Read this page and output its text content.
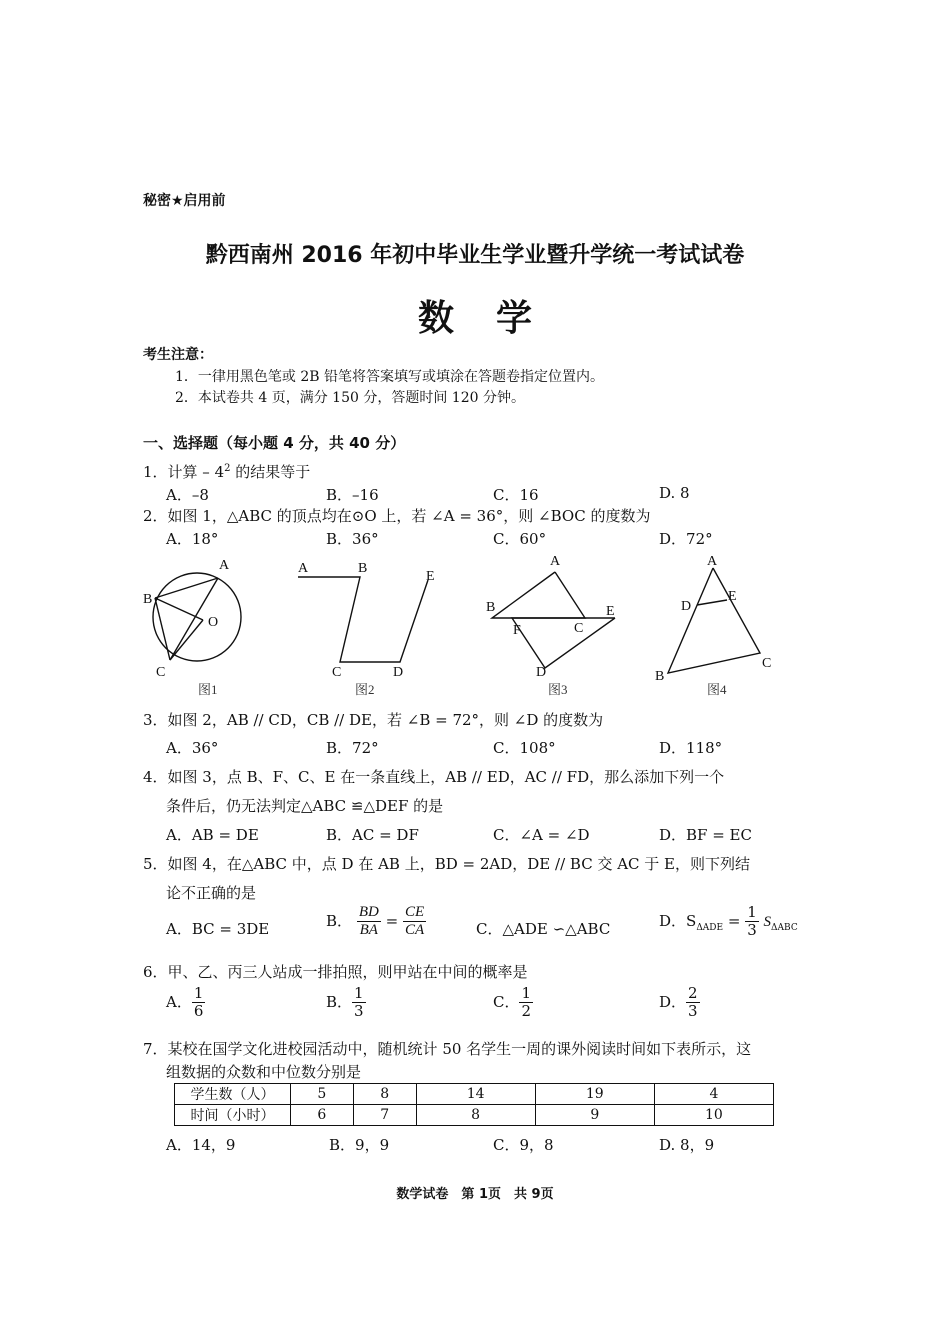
秘密★启用前
黔西南州 2016 年初中毕业生学业暨升学统一考试试卷
数学
考生注意：
1．一律用黑色笔或 2B 铅笔将答案填写或填涂在答题卷指定位置内。
2．本试卷共 4 页，满分 150 分，答题时间 120 分钟。
一、选择题（每小题 4 分，共 40 分）
1．计算 – $4^2$ 的结果等于
A．–8	B．–16	C．16	D. 8
2．如图 1，△ABC 的顶点均在⊙O 上，若 ∠A = 36°，则 ∠BOC 的度数为
A．18°	B．36°	C．60°	D．72°
A
B
C
O
A	B
C	D
E
A
B
C
D
E
F
A
B
C
D
E
图1	图2	图3	图4
3．如图 2，AB // CD，CB // DE，若 ∠B = 72°，则 ∠D 的度数为
A．36°	B．72°	C．108°	D．118°
4．如图 3，点 B、F、C、E 在一条直线上，AB // ED，AC // FD，那么添加下列一个
条件后，仍无法判定△ABC ≌△DEF 的是
A．AB = DE	B．AC = DF	C．∠A = ∠D	D．BF = EC
5．如图 4，在△ABC 中，点 D 在 AB 上，BD = 2AD，DE // BC 交 AC 于 E，则下列结
论不正确的是
A．BC = 3DE	B． $\frac{BD}{BA} = \frac{CE}{CA}$	C．△ADE ∽△ABC	D．$S_{\Delta ADE} = \frac{1}{3} S_{\Delta ABC}$
6．甲、乙、丙三人站成一排拍照，则甲站在中间的概率是
A． $\frac{1}{6}$	B． $\frac{1}{3}$	C． $\frac{1}{2}$	D． $\frac{2}{3}$
7．某校在国学文化进校园活动中，随机统计 50 名学生一周的课外阅读时间如下表所示，这
组数据的众数和中位数分别是
学生数（人）	5	8	14	19	4
时间（小时）	6	7	8	9	10
A．14，9	B．9，9	C．9，8	D. 8，9
数学试卷　第 1页　共 9页
